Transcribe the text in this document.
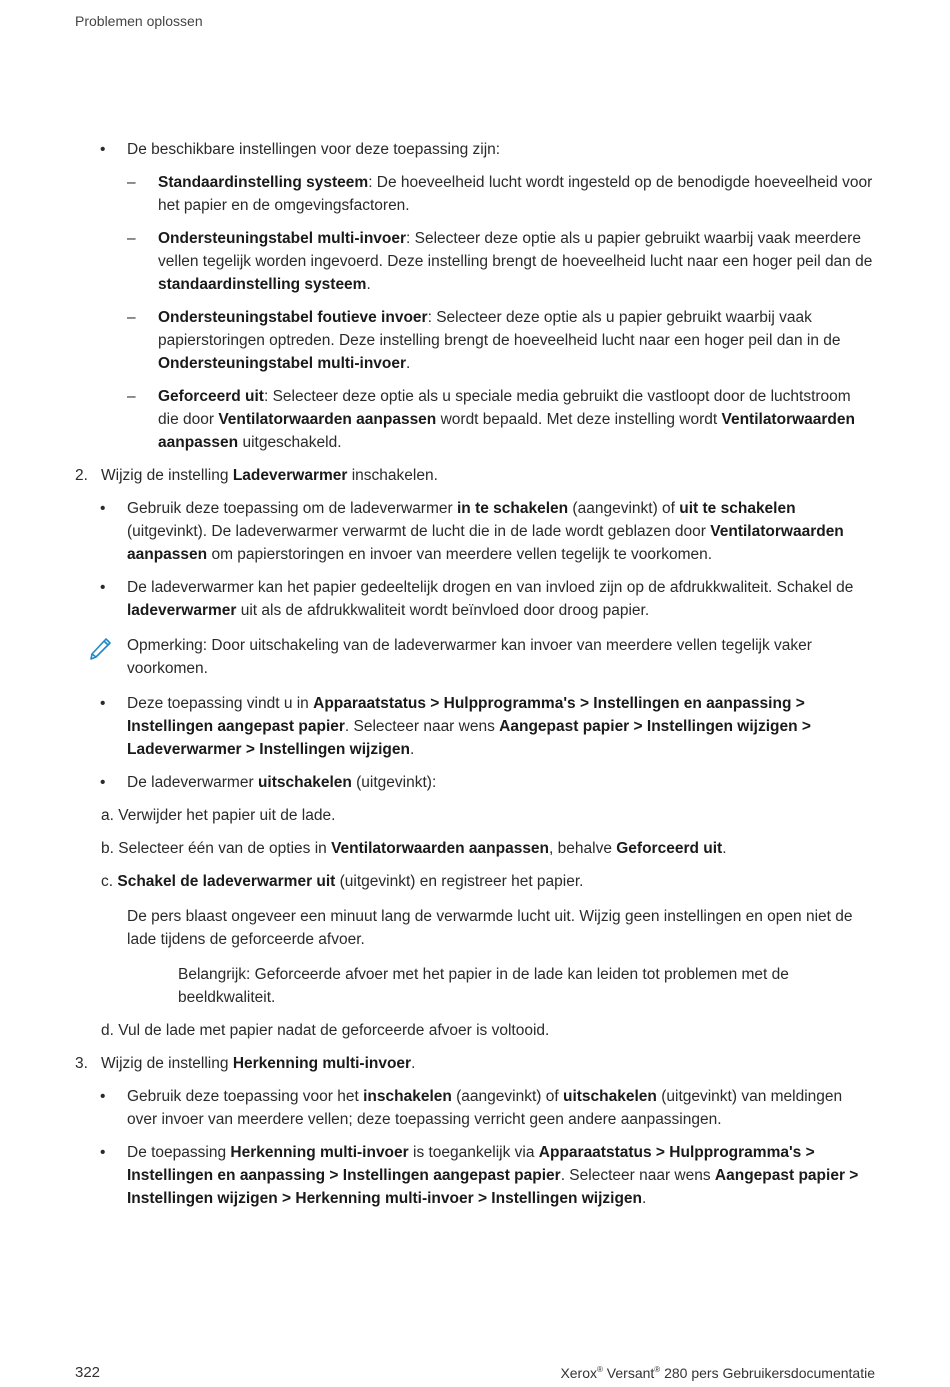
Problemen oplossen
• De beschikbare instellingen voor deze toepassing zijn:
– Standaardinstelling systeem: De hoeveelheid lucht wordt ingesteld op de benodigde hoeveelheid voor het papier en de omgevingsfactoren.
– Ondersteuningstabel multi-invoer: Selecteer deze optie als u papier gebruikt waarbij vaak meerdere vellen tegelijk worden ingevoerd. Deze instelling brengt de hoeveelheid lucht naar een hoger peil dan de standaardinstelling systeem.
– Ondersteuningstabel foutieve invoer: Selecteer deze optie als u papier gebruikt waarbij vaak papierstoringen optreden. Deze instelling brengt de hoeveelheid lucht naar een hoger peil dan in de Ondersteuningstabel multi-invoer.
– Geforceerd uit: Selecteer deze optie als u speciale media gebruikt die vastloopt door de luchtstroom die door Ventilatorwaarden aanpassen wordt bepaald. Met deze instelling wordt Ventilatorwaarden aanpassen uitgeschakeld.
2. Wijzig de instelling Ladeverwarmer inschakelen.
• Gebruik deze toepassing om de ladeverwarmer in te schakelen (aangevinkt) of uit te schakelen (uitgevinkt). De ladeverwarmer verwarmt de lucht die in de lade wordt geblazen door Ventilatorwaarden aanpassen om papierstoringen en invoer van meerdere vellen tegelijk te voorkomen.
• De ladeverwarmer kan het papier gedeeltelijk drogen en van invloed zijn op de afdrukkwaliteit. Schakel de ladeverwarmer uit als de afdrukkwaliteit wordt beïnvloed door droog papier.
Opmerking: Door uitschakeling van de ladeverwarmer kan invoer van meerdere vellen tegelijk vaker voorkomen.
• Deze toepassing vindt u in Apparaatstatus > Hulpprogramma's > Instellingen en aanpassing > Instellingen aangepast papier. Selecteer naar wens Aangepast papier > Instellingen wijzigen > Ladeverwarmer > Instellingen wijzigen.
• De ladeverwarmer uitschakelen (uitgevinkt):
a. Verwijder het papier uit de lade.
b. Selecteer één van de opties in Ventilatorwaarden aanpassen, behalve Geforceerd uit.
c. Schakel de ladeverwarmer uit (uitgevinkt) en registreer het papier.
De pers blaast ongeveer een minuut lang de verwarmde lucht uit. Wijzig geen instellingen en open niet de lade tijdens de geforceerde afvoer.
Belangrijk: Geforceerde afvoer met het papier in de lade kan leiden tot problemen met de beeldkwaliteit.
d. Vul de lade met papier nadat de geforceerde afvoer is voltooid.
3. Wijzig de instelling Herkenning multi-invoer.
• Gebruik deze toepassing voor het inschakelen (aangevinkt) of uitschakelen (uitgevinkt) van meldingen over invoer van meerdere vellen; deze toepassing verricht geen andere aanpassingen.
• De toepassing Herkenning multi-invoer is toegankelijk via Apparaatstatus > Hulpprogramma's > Instellingen en aanpassing > Instellingen aangepast papier. Selecteer naar wens Aangepast papier > Instellingen wijzigen > Herkenning multi-invoer > Instellingen wijzigen.
322	Xerox® Versant® 280 pers Gebruikersdocumentatie
